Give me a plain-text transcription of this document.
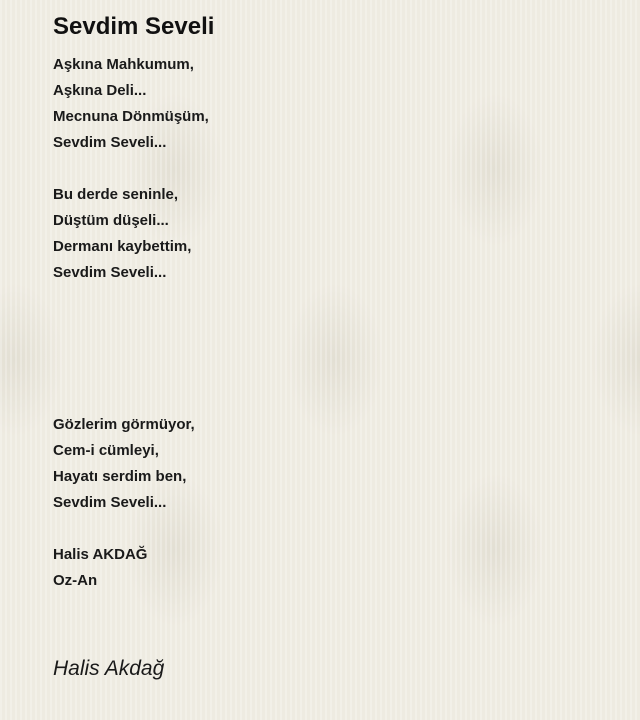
Sevdim Seveli

Aşkına Mahkumum,
Aşkına Deli...
Mecnuna Dönmüşüm,
Sevdim Seveli...

Bu derde seninle,
Düştüm düşeli...
Dermanı kaybettim,
Sevdim Seveli...

Gözlerim görmüyor,
Cem-i cümleyi,
Hayatı serdim ben,
Sevdim Seveli...

Halis AKDAĞ
Oz-An

Halis Akdağ
